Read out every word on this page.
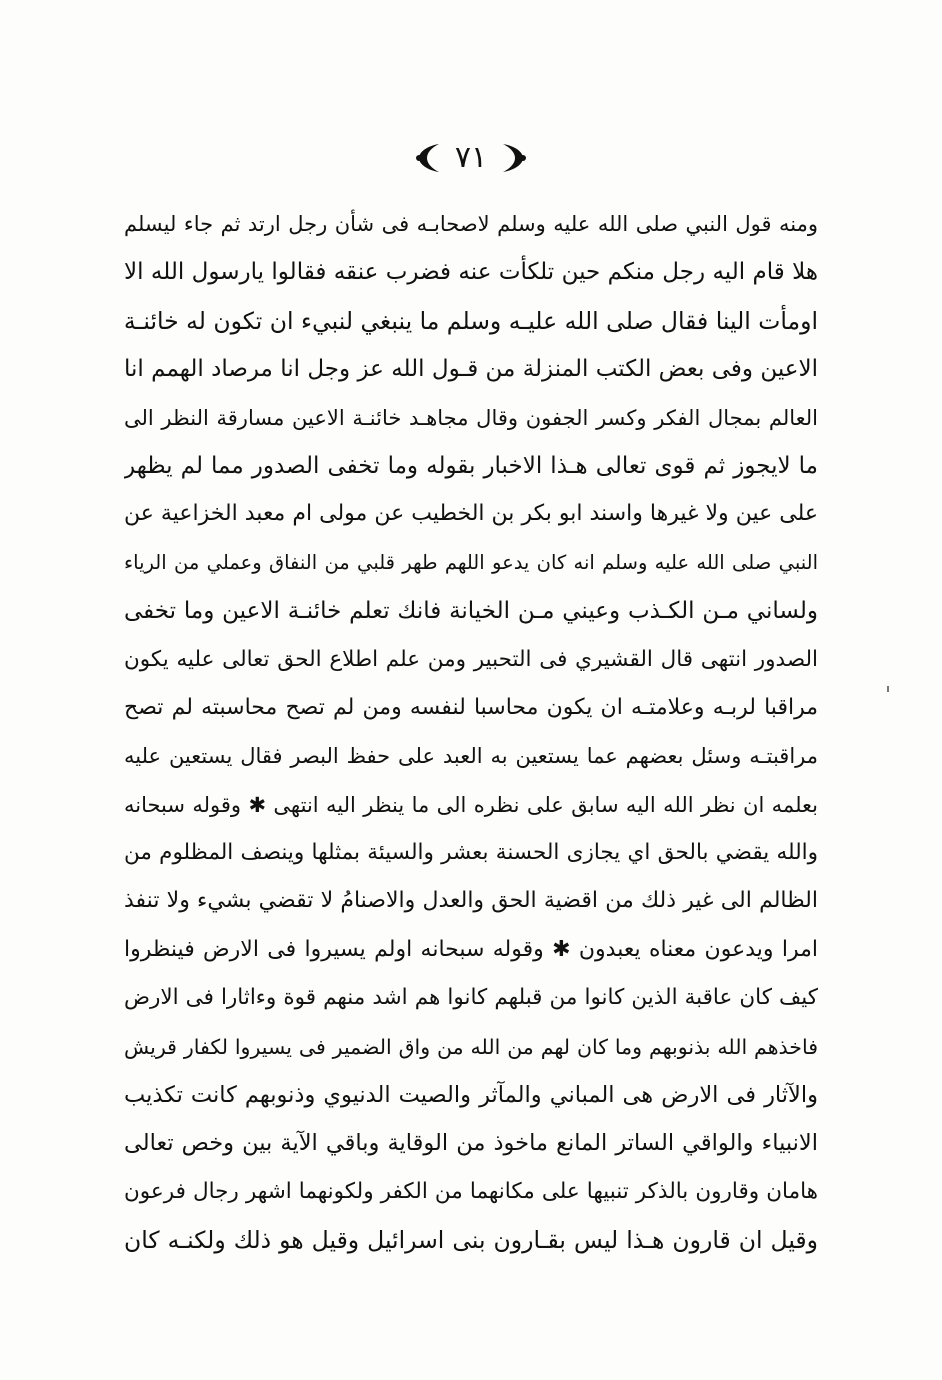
٧١
ومنه قول النبي صلى الله عليه وسلم لاصحابـه فى شأن رجل ارتد ثم جاء ليسلم
هلا قام اليه رجل منكم حين تلكأت عنه فضرب عنقه فقالوا يارسول الله الا
اومأت الينا فقال صلى الله عليـه وسلم ما ينبغي لنبيء ان تكون له خائنـة
الاعين وفى بعض الكتب المنزلة من قـول الله عز وجل انا مرصاد الهمم انا
العالم بمجال الفكر وكسر الجفون وقال مجاهـد خائنـة الاعين مسارقة النظر الى
ما لايجوز ثم قوى تعالى هـذا الاخبار بقوله وما تخفى الصدور مما لم يظهر
على عين ولا غيرها واسند ابو بكر بن الخطيب عن مولى ام معبد الخزاعية عن
النبي صلى الله عليه وسلم انه كان يدعو اللهم طهر قلبي من النفاق وعملي من الرياء
ولساني مـن الكـذب وعيني مـن الخيانة فانك تعلم خائنـة الاعين وما تخفى
الصدور انتهى قال القشيري فى التحبير ومن علم اطلاع الحق تعالى عليه يكون
مراقبا لربـه وعلامتـه ان يكون محاسبا لنفسه ومن لم تصح محاسبته لم تصح
مراقبتـه وسئل بعضهم عما يستعين به العبد على حفظ البصر فقال يستعين عليه
بعلمه ان نظر الله اليه سابق على نظره الى ما ينظر اليه انتهى ✱ وقوله سبحانه
والله يقضي بالحق اي يجازى الحسنة بعشر والسيئة بمثلها وينصف المظلوم من
الظالم الى غير ذلك من اقضية الحق والعدل والاصنامُ لا تقضي بشيء ولا تنفذ
امرا ويدعون معناه يعبدون ✱ وقوله سبحانه اولم يسيروا فى الارض فينظروا
كيف كان عاقبة الذين كانوا من قبلهم كانوا هم اشد منهم قوة وءاثارا فى الارض
فاخذهم الله بذنوبهم وما كان لهم من الله من واق الضمير فى يسيروا لكفار قريش
والآثار فى الارض هى المباني والمآثر والصيت الدنيوي وذنوبهم كانت تكذيب
الانبياء والواقي الساتر المانع ماخوذ من الوقاية وباقي الآية بين وخص تعالى
هامان وقارون بالذكر تنبيها على مكانهما من الكفر ولكونهما اشهر رجال فرعون
وقيل ان قارون هـذا ليس بقـارون بنى اسرائيل وقيل هو ذلك ولكنـه كان
